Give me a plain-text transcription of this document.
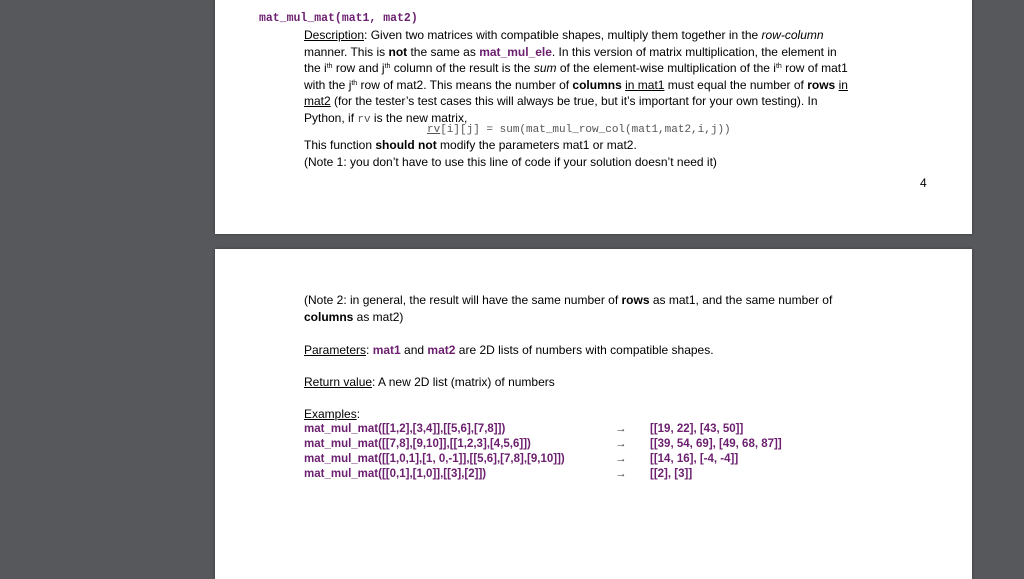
mat_mul_mat(mat1, mat2)
Description: Given two matrices with compatible shapes, multiply them together in the row-column
manner. This is not the same as mat_mul_ele. In this version of matrix multiplication, the element in
the $i^{th}$ row and $j^{th}$ column of the result is the sum of the element-wise multiplication of the $i^{th}$ row of mat1
with the $j^{th}$ row of mat2. This means the number of columns in mat1 must equal the number of rows in
mat2 (for the tester’s test cases this will always be true, but it’s important for your own testing). In
Python, if rv is the new matrix,
rv[i][j] = sum(mat_mul_row_col(mat1,mat2,i,j))
This function should not modify the parameters mat1 or mat2.
(Note 1: you don’t have to use this line of code if your solution doesn’t need it)
4
(Note 2: in general, the result will have the same number of rows as mat1, and the same number of
columns as mat2)
Parameters: mat1 and mat2 are 2D lists of numbers with compatible shapes.
Return value: A new 2D list (matrix) of numbers
Examples:
mat_mul_mat([[1,2],[3,4]],[[5,6],[7,8]])	→ [[19, 22], [43, 50]]
mat_mul_mat([[7,8],[9,10]],[[1,2,3],[4,5,6]])	→ [[39, 54, 69], [49, 68, 87]]
mat_mul_mat([[1,0,1],[1, 0,-1]],[[5,6],[7,8],[9,10]])	→ [[14, 16], [-4, -4]]
mat_mul_mat([[0,1],[1,0]],[[3],[2]])	→ [[2], [3]]
